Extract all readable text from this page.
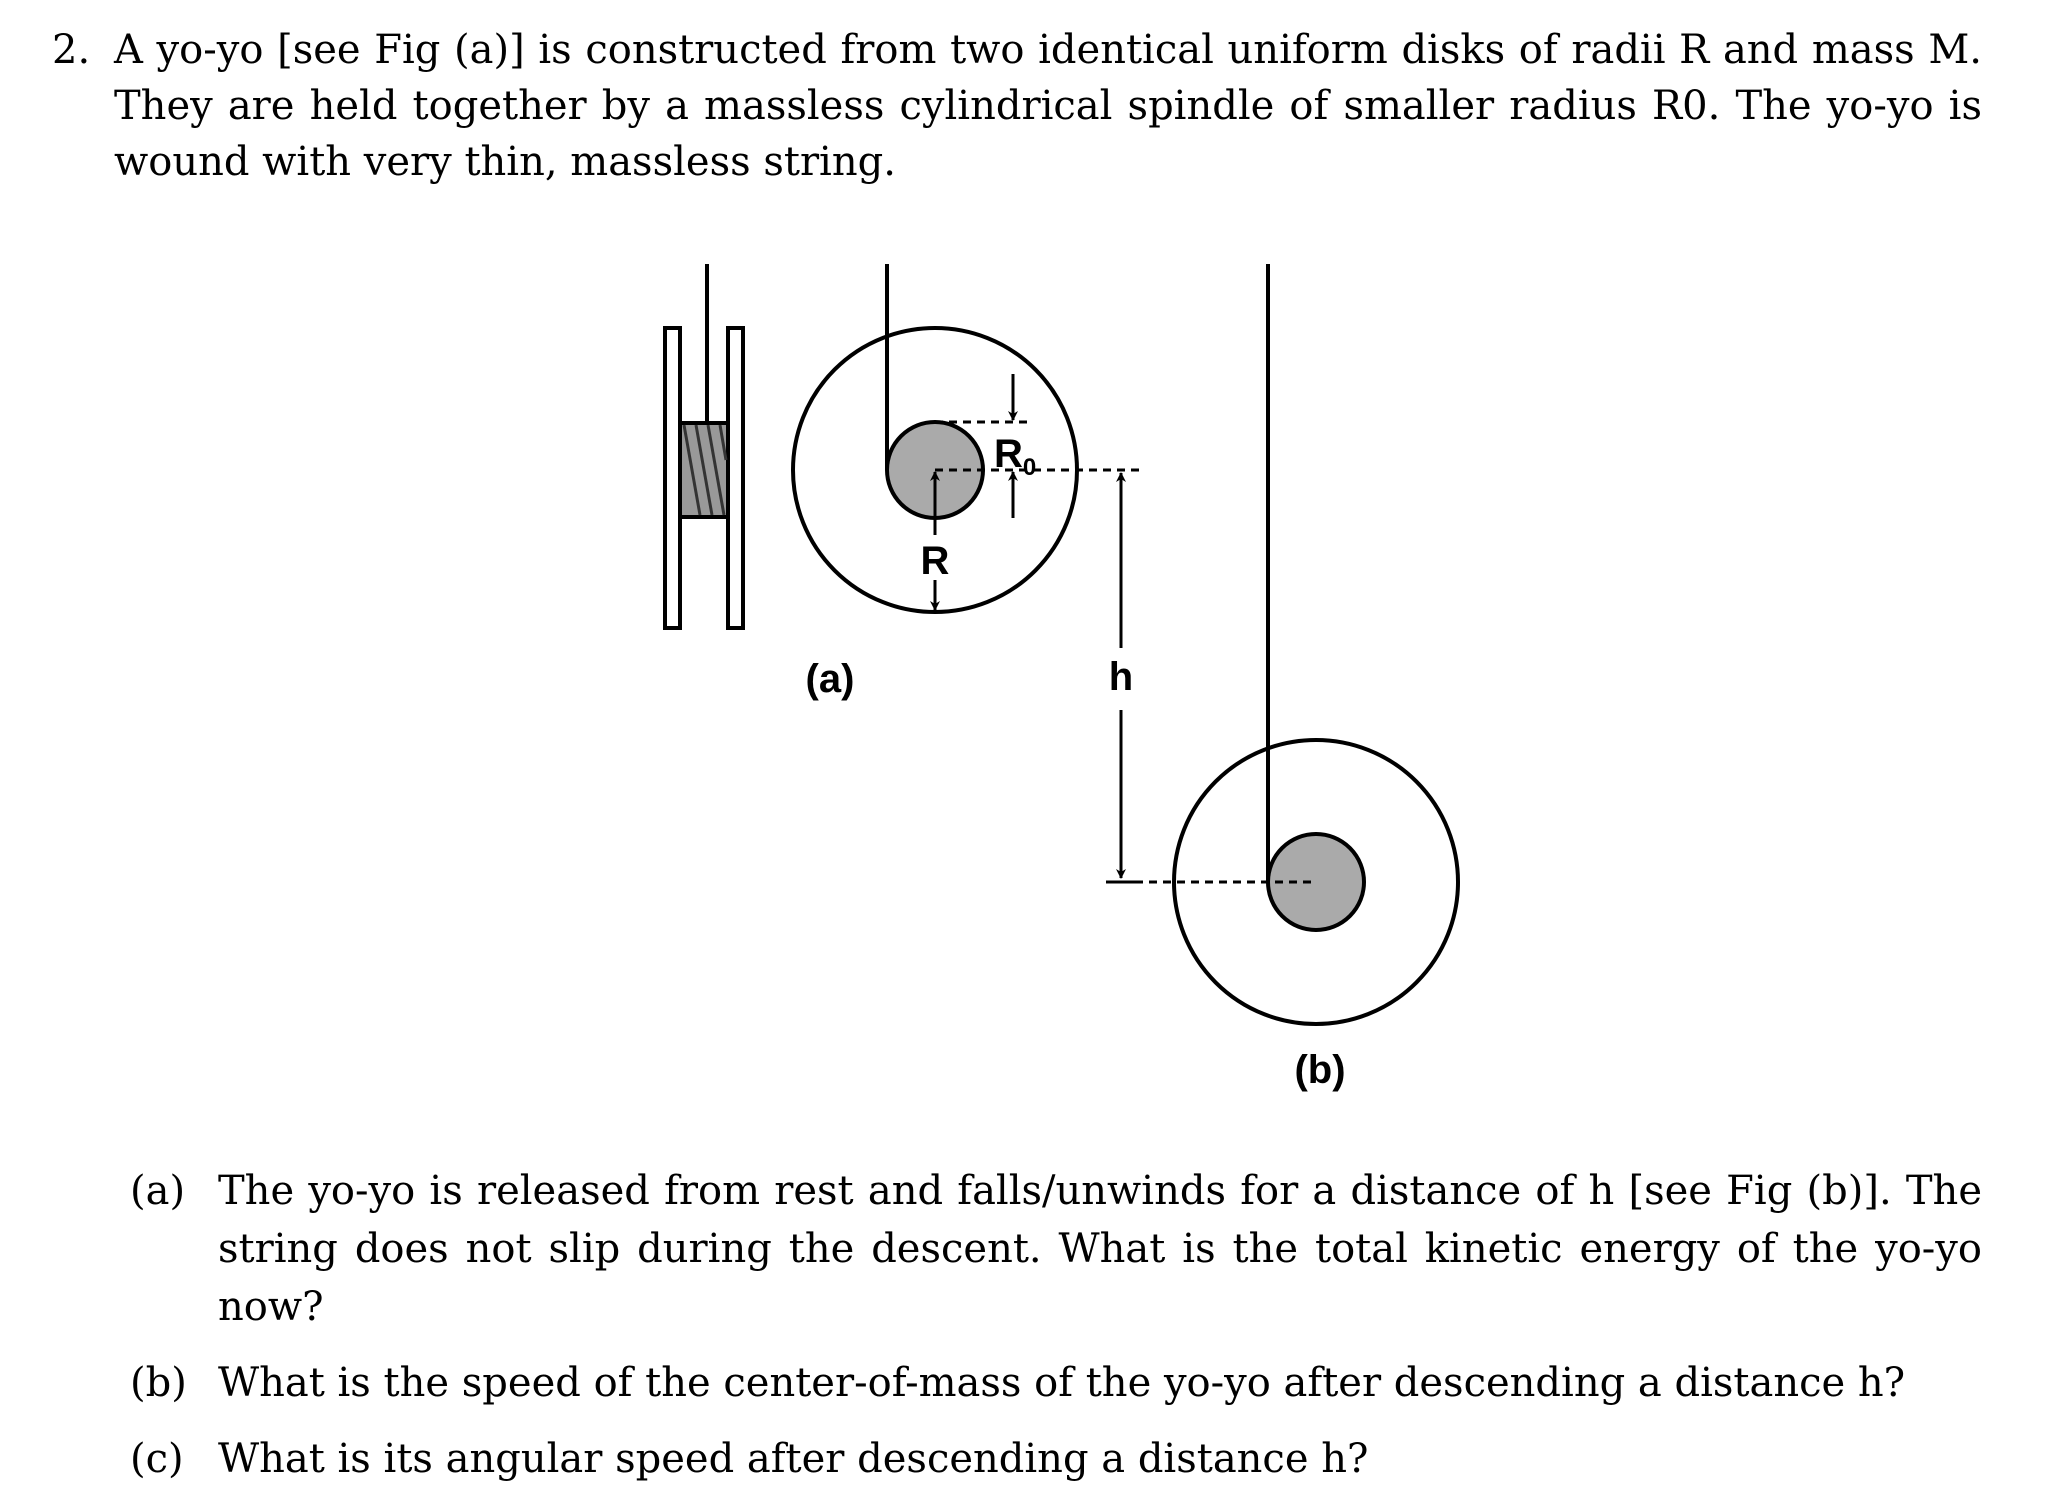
2. A yo-yo [see Fig (a)] is constructed from two identical uniform disks of radii R and mass M. They are held together by a massless cylindrical spindle of smaller radius R0. The yo-yo is wound with very thin, massless string.
$R_0$
R
(a)	h
(b)
(a) The yo-yo is released from rest and falls/unwinds for a distance of h [see Fig (b)]. The string does not slip during the descent. What is the total kinetic energy of the yo-yo now?
(b) What is the speed of the center-of-mass of the yo-yo after descending a distance h?
(c) What is its angular speed after descending a distance h?
